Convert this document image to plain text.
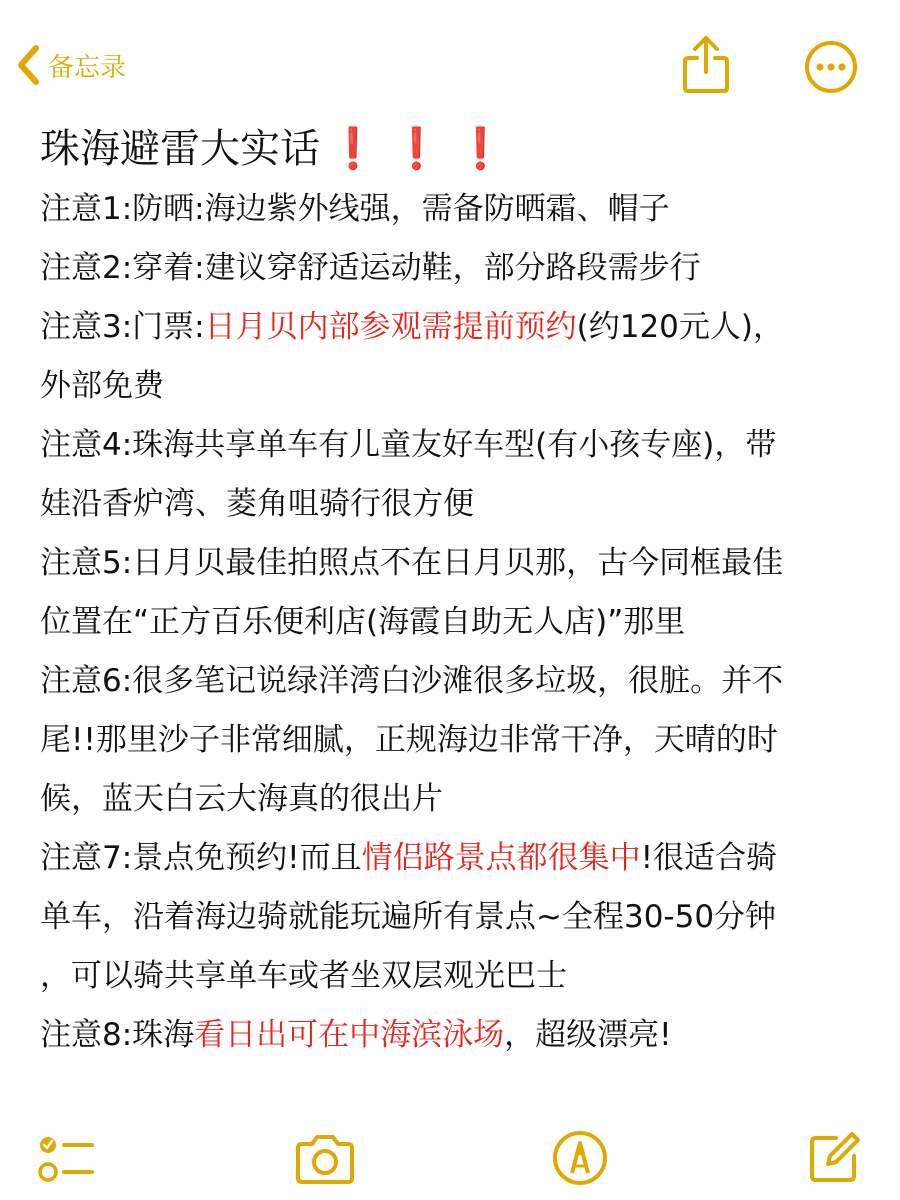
备忘录
珠海避雷大实话 ❗ ❗ ❗
注意1:防晒:海边紫外线强，需备防晒霜、帽子
注意2:穿着:建议穿舒适运动鞋，部分路段需步行
注意3:门票:日月贝内部参观需提前预约(约120元人)，
外部免费
注意4:珠海共享单车有儿童友好车型(有小孩专座)，带
娃沿香炉湾、菱角咀骑行很方便
注意5:日月贝最佳拍照点不在日月贝那，古今同框最佳
位置在“正方百乐便利店(海霞自助无人店)”那里
注意6:很多笔记说绿洋湾白沙滩很多垃圾，很脏。并不
尾!!那里沙子非常细腻，正规海边非常干净，天晴的时
候，蓝天白云大海真的很出片
注意7:景点免预约!而且情侣路景点都很集中!很适合骑
单车，沿着海边骑就能玩遍所有景点~全程30-50分钟
，可以骑共享单车或者坐双层观光巴士
注意8:珠海看日出可在中海滨泳场，超级漂亮!
